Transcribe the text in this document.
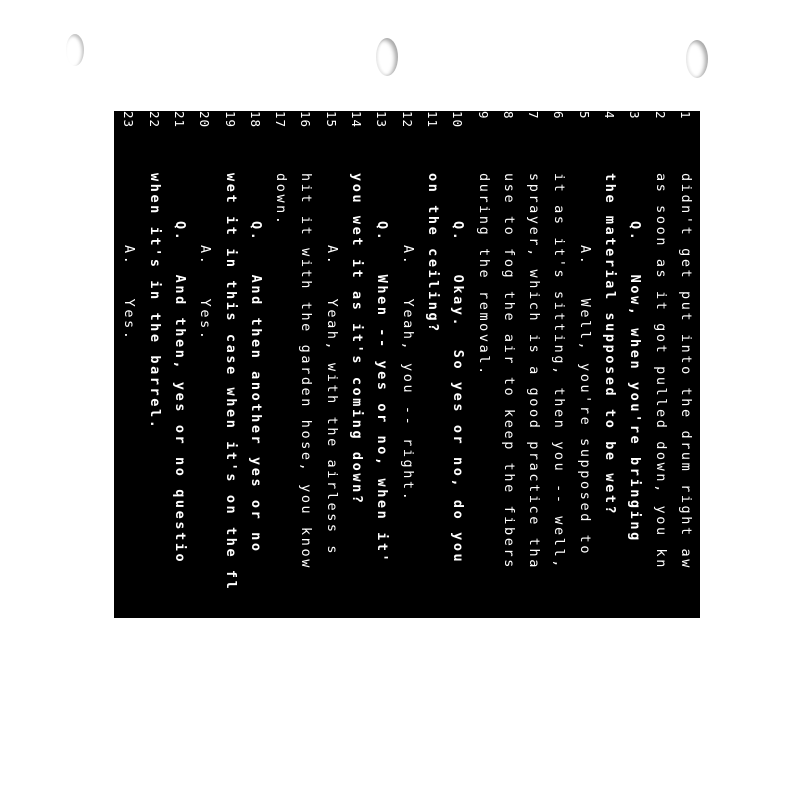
1
didn't get put into the drum right aw
2
as soon as it got pulled down, you kn
3
Q.   Now, when you're bringing
4
the material supposed to be wet?
5
A.   Well, you're supposed to
6
it as it's sitting, then you -- well,
7
sprayer, which is a good practice tha
8
use to fog the air to keep the fibers
9
during the removal.
10
Q.   Okay.  So yes or no, do you
11
on the ceiling?
12
A.   Yeah, you -- right.
13
Q.   When -- yes or no, when it'
14
you wet it as it's coming down?
15
A.   Yeah, with the airless s
16
hit it with the garden hose, you know
17
down.
18
Q.   And then another yes or no
19
wet it in this case when it's on the fl
20
A.   Yes.
21
Q.   And then, yes or no questio
22
when it's in the barrel.
23
A.   Yes.
24
Q.   And you're supposed to keep
